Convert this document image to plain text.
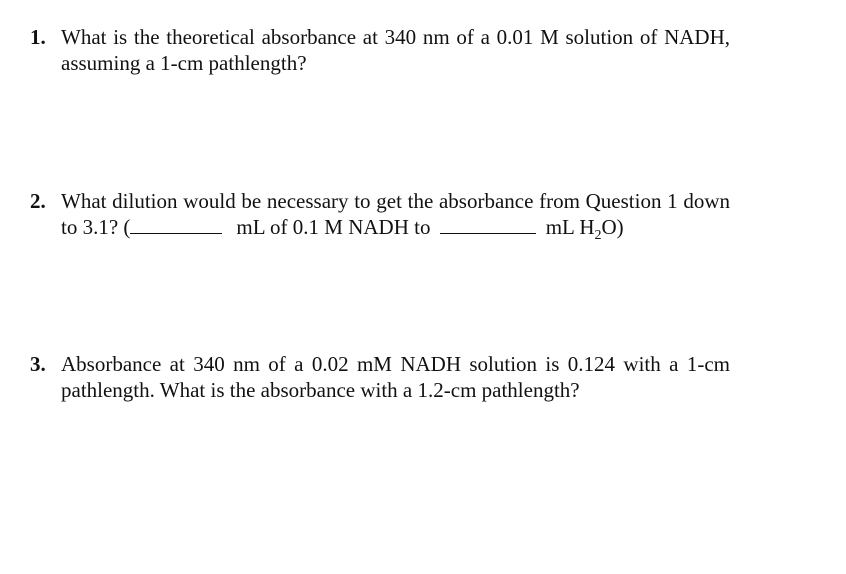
1. What is the theoretical absorbance at 340 nm of a 0.01 M solution of NADH, assuming a 1-cm pathlength?
2. What dilution would be necessary to get the absorbance from Question 1 down to 3.1? (	mL of 0.1 M NADH to	mL $H_2O$)
3. Absorbance at 340 nm of a 0.02 mM NADH solution is 0.124 with a 1-cm pathlength. What is the absorbance with a 1.2-cm pathlength?
